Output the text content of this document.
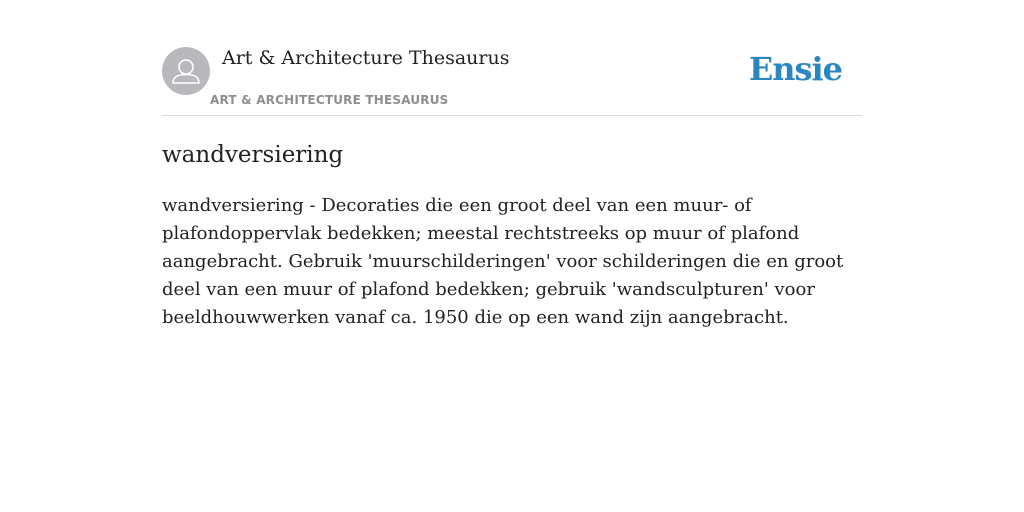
Art & Architecture Thesaurus
ART & ARCHITECTURE THESAURUS
Ensie
wandversiering

wandversiering - Decoraties die een groot deel van een muur- of plafondoppervlak bedekken; meestal rechtstreeks op muur of plafond aangebracht. Gebruik 'muurschilderingen' voor schilderingen die en groot deel van een muur of plafond bedekken; gebruik 'wandsculpturen' voor beeldhouwwerken vanaf ca. 1950 die op een wand zijn aangebracht.
